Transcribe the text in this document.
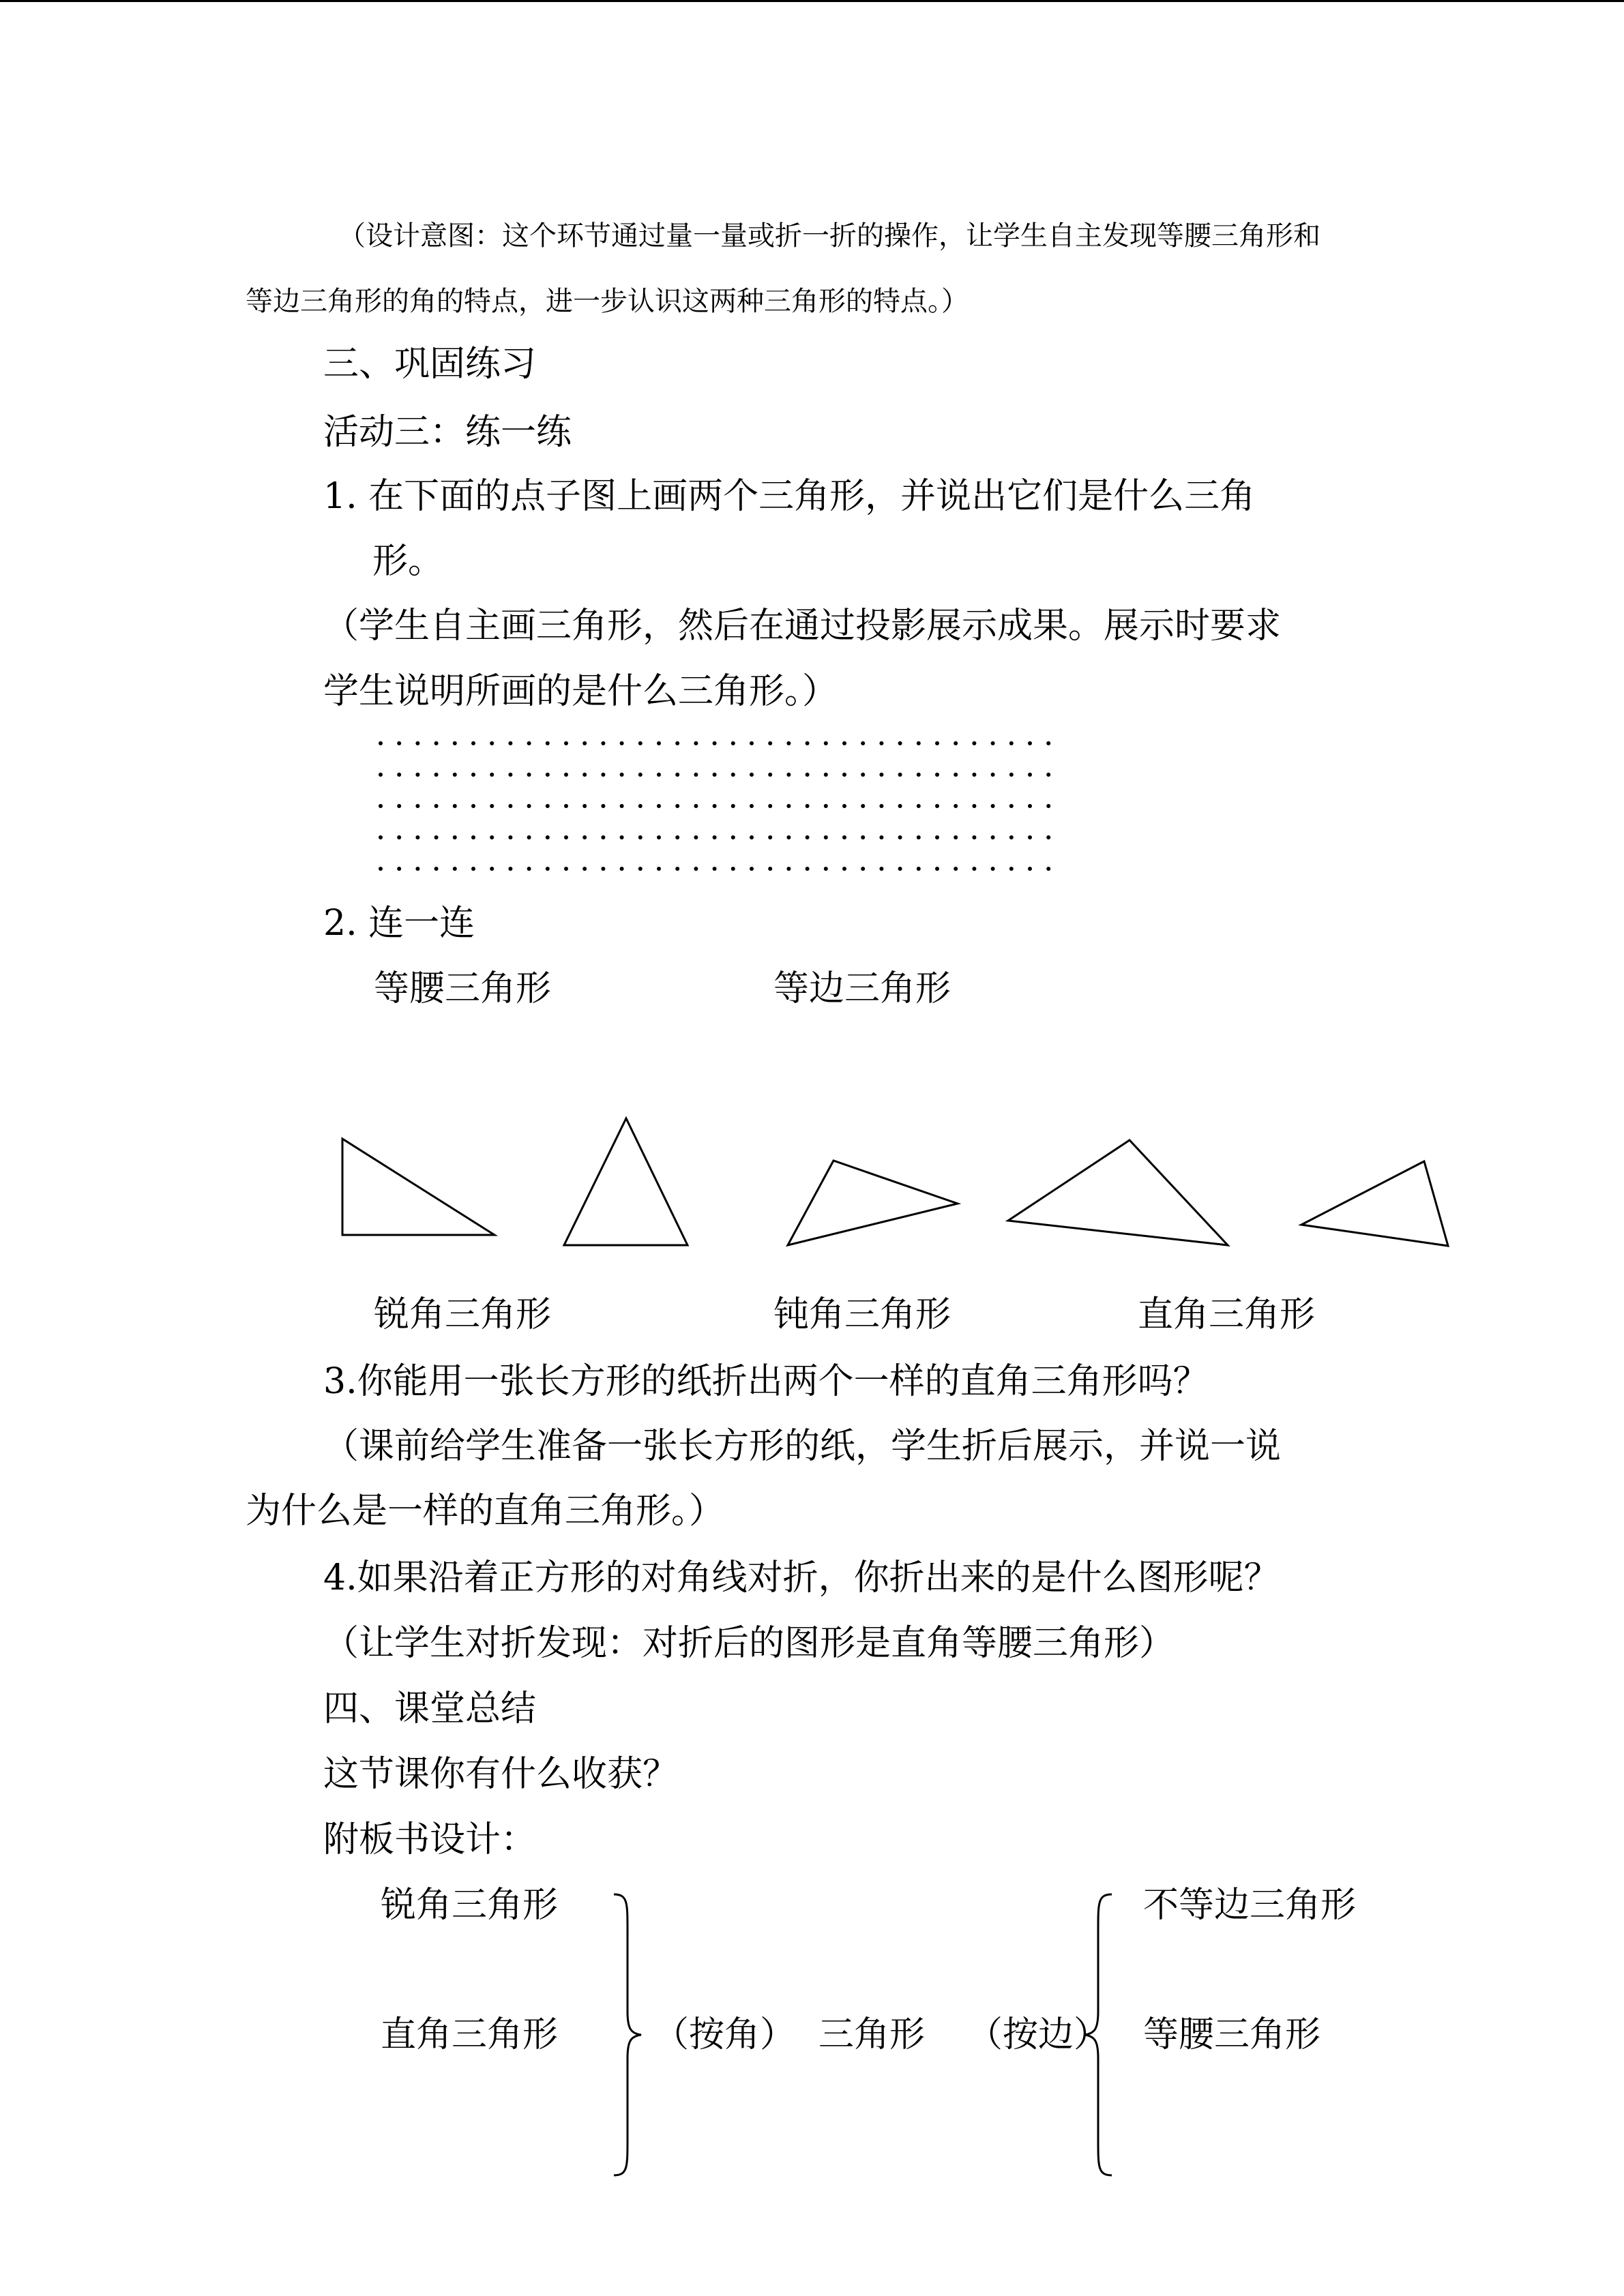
（设计意图：这个环节通过量一量或折一折的操作，让学生自主发现等腰三角形和
等边三角形的角的特点，进一步认识这两种三角形的特点。）
三、巩固练习
活动三：练一练
1. 在下面的点子图上画两个三角形，并说出它们是什么三角
形。
（学生自主画三角形，然后在通过投影展示成果。展示时要求
学生说明所画的是什么三角形。）
2. 连一连
等腰三角形	等边三角形
锐角三角形	钝角三角形	直角三角形
3.你能用一张长方形的纸折出两个一样的直角三角形吗？
（课前给学生准备一张长方形的纸，学生折后展示，并说一说
为什么是一样的直角三角形。）
4.如果沿着正方形的对角线对折，你折出来的是什么图形呢？
（让学生对折发现：对折后的图形是直角等腰三角形）
四、课堂总结
这节课你有什么收获？
附板书设计：
锐角三角形
直角三角形	（按角） 三角形 （按边）
不等边三角形
等腰三角形
